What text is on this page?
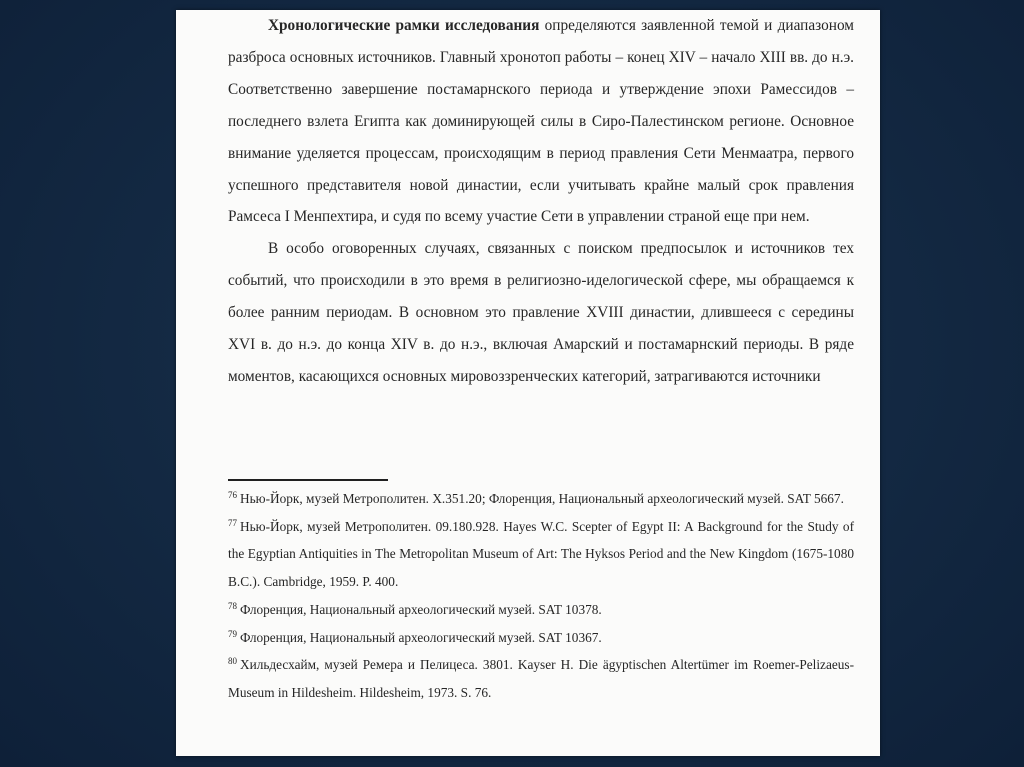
Хронологические рамки исследования определяются заявленной темой и диапазоном разброса основных источников. Главный хронотоп работы – конец XIV – начало XIII вв. до н.э. Соответственно завершение постамарнского периода и утверждение эпохи Рамессидов – последнего взлета Египта как доминирующей силы в Сиро-Палестинском регионе. Основное внимание уделяется процессам, происходящим в период правления Сети Менмаатра, первого успешного представителя новой династии, если учитывать крайне малый срок правления Рамсеса I Менпехтира, и судя по всему участие Сети в управлении страной еще при нем.

В особо оговоренных случаях, связанных с поиском предпосылок и источников тех событий, что происходили в это время в религиозно-иделогической сфере, мы обращаемся к более ранним периодам. В основном это правление XVIII династии, длившееся с середины XVI в. до н.э. до конца XIV в. до н.э., включая Амарский и постамарнский периоды. В ряде моментов, касающихся основных мировоззренческих категорий, затрагиваются источники

$^{76}$ Нью-Йорк, музей Метрополитен. X.351.20; Флоренция, Национальный археологический музей. SAT 5667.

$^{77}$ Нью-Йорк, музей Метрополитен. 09.180.928. Hayes W.C. Scepter of Egypt II: A Background for the Study of the Egyptian Antiquities in The Metropolitan Museum of Art: The Hyksos Period and the New Kingdom (1675-1080 B.C.). Cambridge, 1959. P. 400.

$^{78}$ Флоренция, Национальный археологический музей. SAT 10378.

$^{79}$ Флоренция, Национальный археологический музей. SAT 10367.

$^{80}$ Хильдесхайм, музей Ремера и Пелицеса. 3801. Kayser H. Die ägyptischen Altertümer im Roemer-Pelizaeus-Museum in Hildesheim. Hildesheim, 1973. S. 76.
